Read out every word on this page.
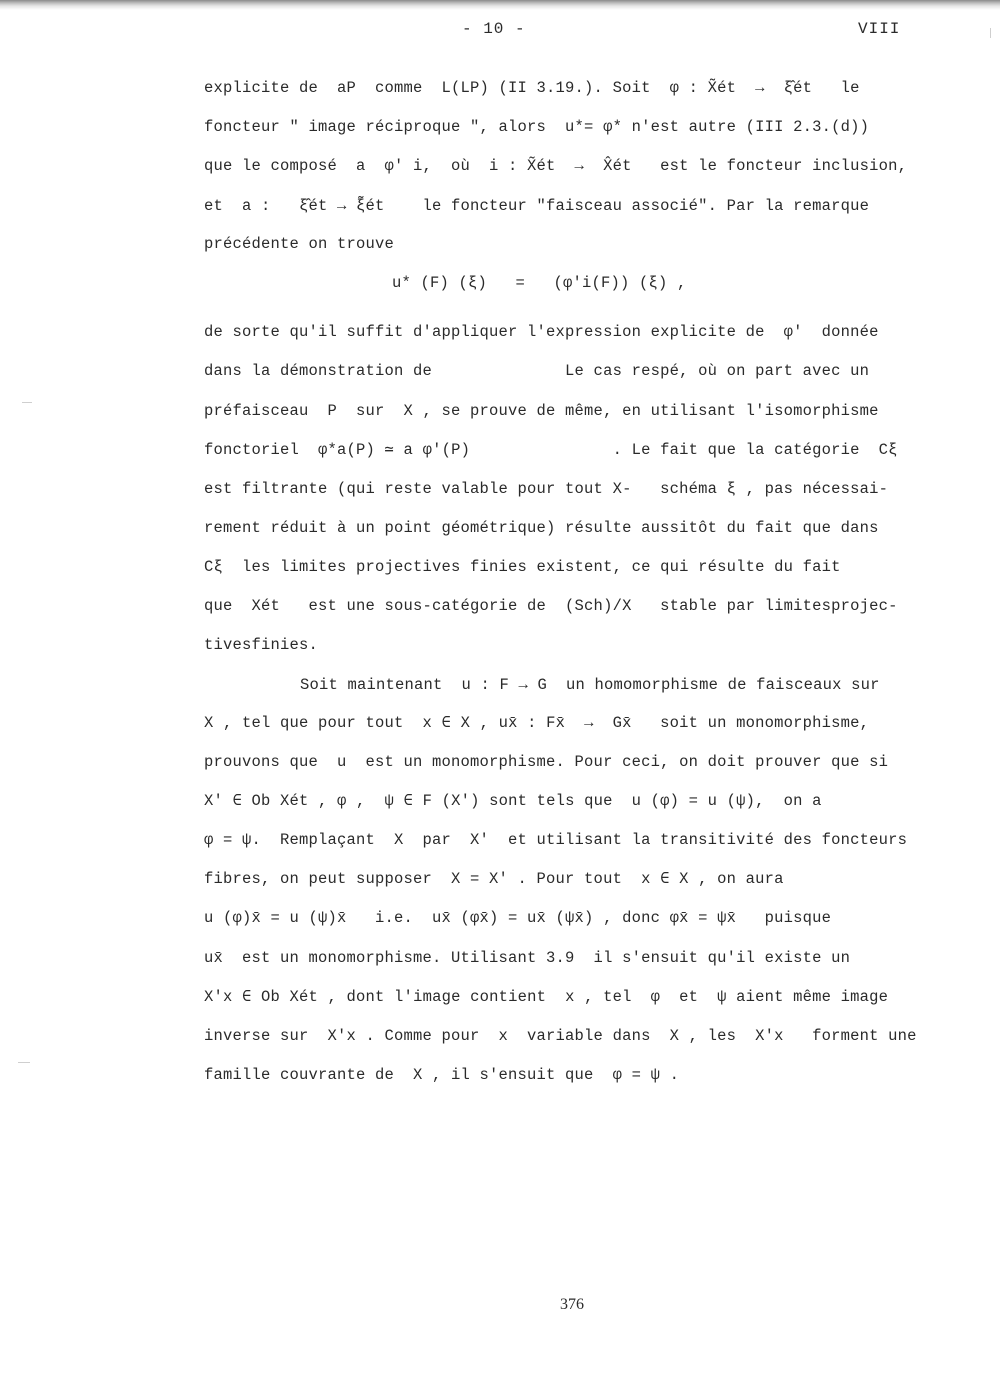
- 10 -	VIII
explicite de  aP  comme  L(LP) (II 3.19.). Soit  φ : X̃ét  →  ξ̂ét   le
foncteur " image réciproque ", alors  u*= φ* n'est autre (III 2.3.(d))
que le composé  a  φ' i,  où  i : X̃ét  →  X̂ét   est le foncteur inclusion,
et  a :   ξ̂ét → ξ̃ét    le foncteur "faisceau associé". Par la remarque
précédente on trouve
u* (F) (ξ)   =   (φ'i(F)) (ξ) ,
de sorte qu'il suffit d'appliquer l'expression explicite de  φ'  donnée
dans la démonstration de              Le cas respé, où on part avec un
préfaisceau  P  sur  X , se prouve de même, en utilisant l'isomorphisme
fonctoriel  φ*a(P) ≃ a φ'(P)               . Le fait que la catégorie  Cξ
est filtrante (qui reste valable pour tout X-   schéma ξ , pas nécessai-
rement réduit à un point géométrique) résulte aussitôt du fait que dans
Cξ  les limites projectives finies existent, ce qui résulte du fait
que  Xét   est une sous-catégorie de  (Sch)/X   stable par limitesprojec-
tivesfinies.
Soit maintenant  u : F → G  un homomorphisme de faisceaux sur
X , tel que pour tout  x ∈ X , ux̄ : Fx̄  →  Gx̄   soit un monomorphisme,
prouvons que  u  est un monomorphisme. Pour ceci, on doit prouver que si
X' ∈ Ob Xét , φ ,  ψ ∈ F (X') sont tels que  u (φ) = u (ψ),  on a
φ = ψ.  Remplaçant  X  par  X'  et utilisant la transitivité des foncteurs
fibres, on peut supposer  X = X' . Pour tout  x ∈ X , on aura
u (φ)x̄ = u (ψ)x̄   i.e.  ux̄ (φx̄) = ux̄ (ψx̄) , donc φx̄ = ψx̄   puisque
ux̄  est un monomorphisme. Utilisant 3.9  il s'ensuit qu'il existe un
X'x ∈ Ob Xét , dont l'image contient  x , tel  φ  et  ψ aient même image
inverse sur  X'x . Comme pour  x  variable dans  X , les  X'x   forment une
famille couvrante de  X , il s'ensuit que  φ = ψ .
376
